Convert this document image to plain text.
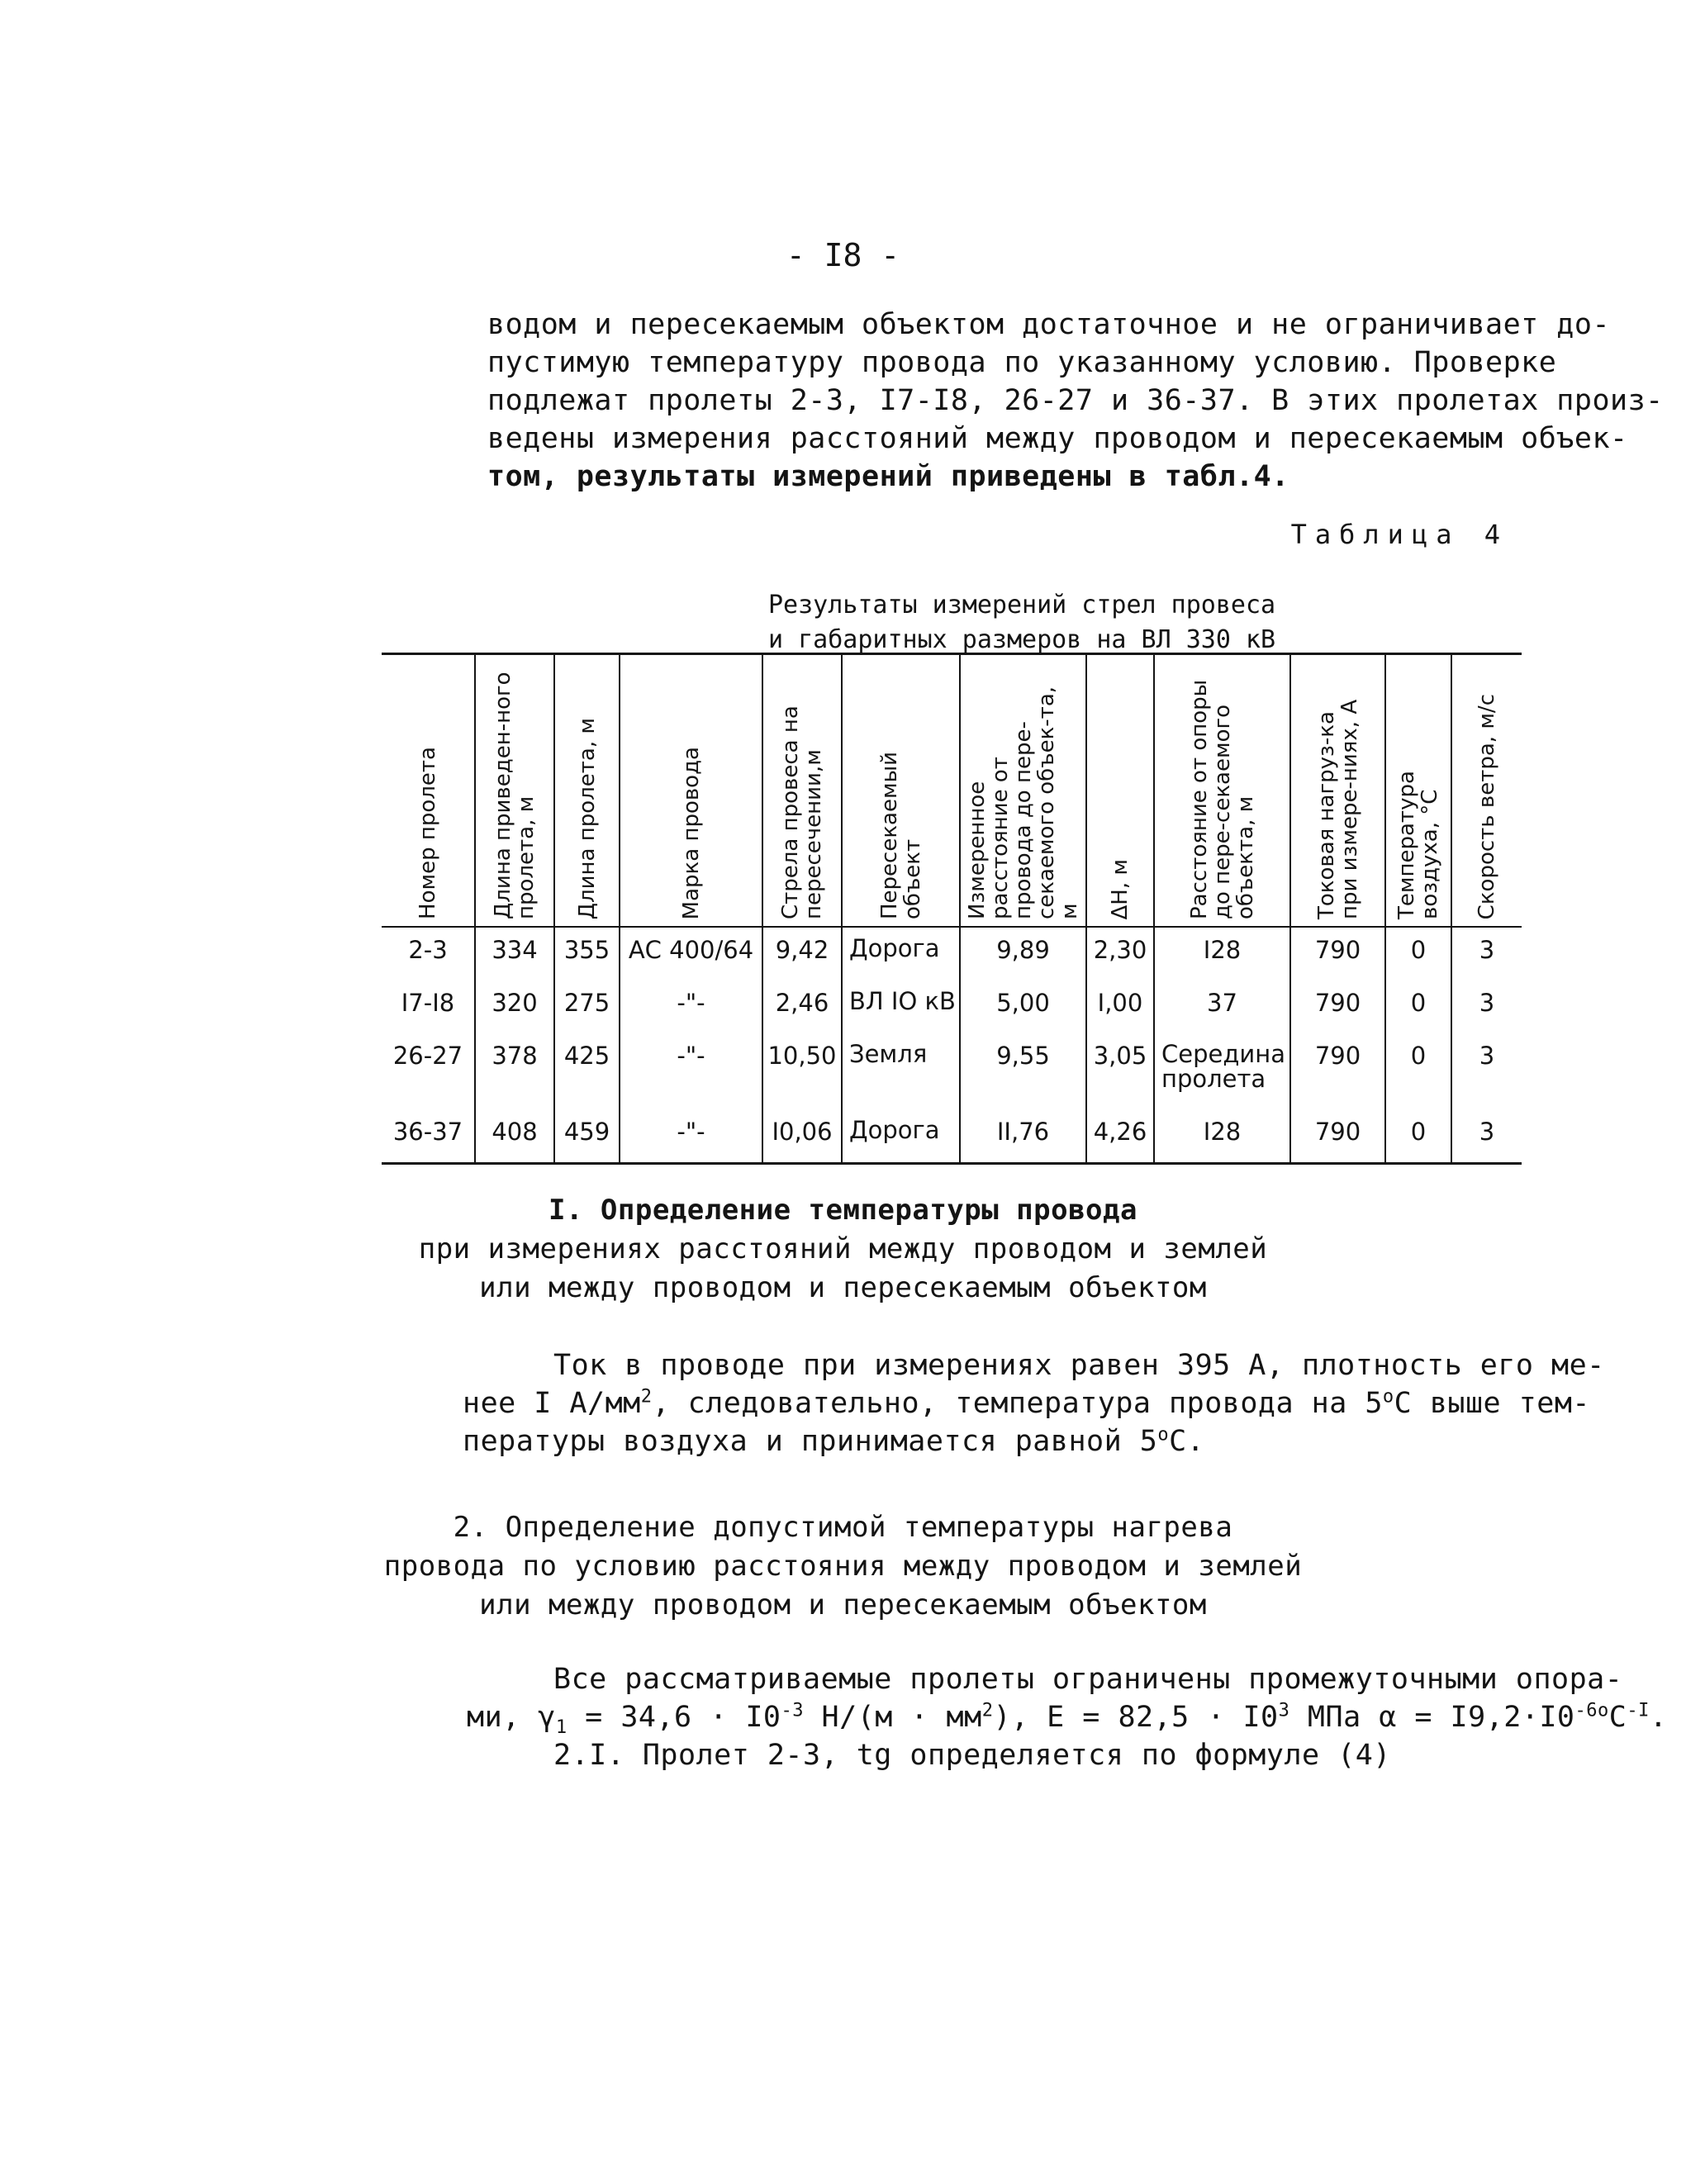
- I8 -
водом и пересекаемым объектом достаточное и не ограничивает до-
пустимую температуру провода по указанному условию. Проверке
подлежат пролеты 2-3, I7-I8, 26-27 и 36-37. В этих пролетах произ-
ведены измерения расстояний между проводом и пересекаемым объек-
том, результаты измерений приведены в табл.4.
Таблица 4
Результаты измерений стрел провеса
и габаритных размеров на ВЛ 330 кВ
Номер пролета	Длина приведен-ного пролета, м	Длина пролета, м	Марка провода	Стрела провеса на пересечении,м	Пересекаемый объект	Измеренное расстояние от провода до пере-секаемого объек-та, м	ΔН, м	Расстояние от опоры до пере-секаемого объекта, м	Токовая нагруз-ка при измере-ниях, А	Температура воздуха, °С	Скорость ветра, м/с

2-3	334	355	АС 400/64	9,42	Дорога	9,89	2,30	I28	790	0	3
I7-I8	320	275	-"-	2,46	ВЛ IO кВ	5,00	I,00	37	790	0	3
26-27	378	425	-"-	10,50	Земля	9,55	3,05	Середина пролета	790	0	3
36-37	408	459	-"-	I0,06	Дорога	II,76	4,26	I28	790	0	3
I. Определение температуры провода
при измерениях расстояний между проводом и землей
или между проводом и пересекаемым объектом
Ток в проводе при измерениях равен 395 А, плотность его ме-
нее I $А/мм^2$, следовательно, температура провода на $5^оС$ выше тем-
пературы воздуха и принимается равной $5^оС$.
2. Определение допустимой температуры нагрева
провода по условию расстояния между проводом и землей
или между проводом и пересекаемым объектом
Все рассматриваемые пролеты ограничены промежуточными опора-
ми, $\gamma_1 = 34,6 \cdot I0^{-3}$ $Н/(м \cdot мм^2)$, $Е = 82,5 \cdot I0^3$ МПа $\alpha = I9,2\cdot I0^{-6о}С^{-I}$.
2.I. Пролет 2-3, tg определяется по формуле (4)
